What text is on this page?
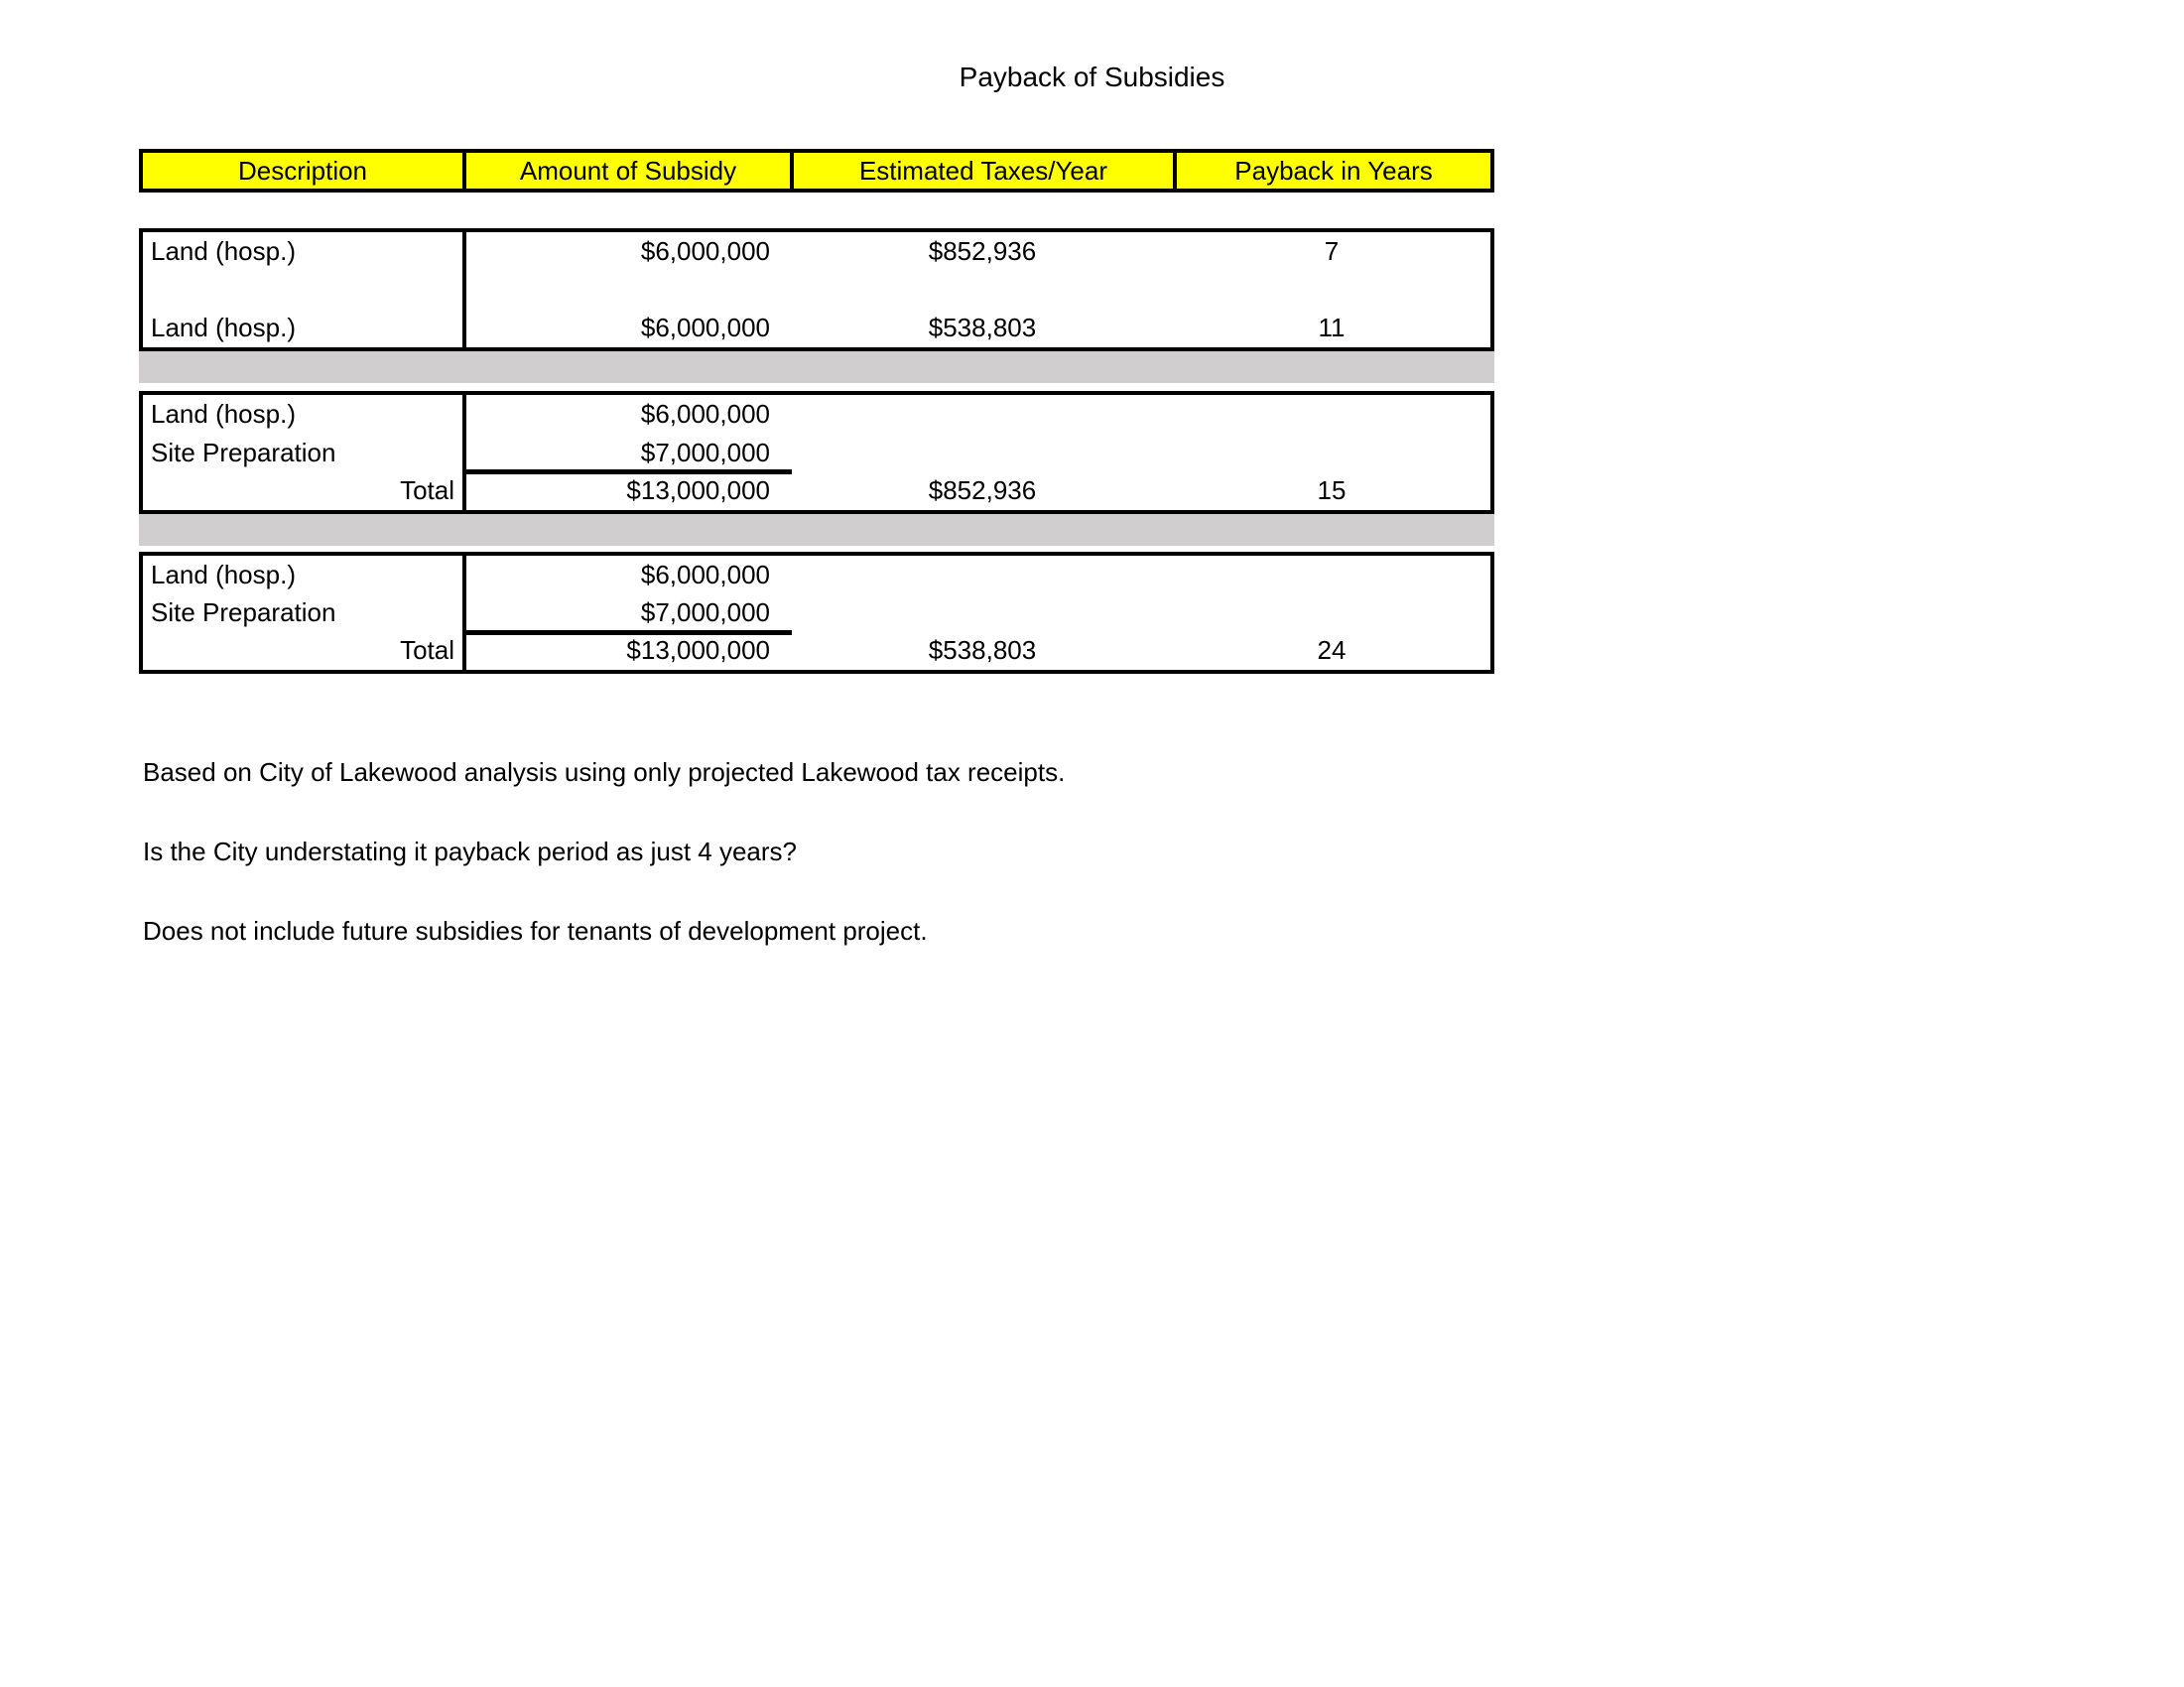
Payback of Subsidies
Description	Amount of Subsidy	Estimated Taxes/Year	Payback in Years
Land (hosp.)	$6,000,000	$852,936	7
Land (hosp.)	$6,000,000	$538,803	11
Land (hosp.)	$6,000,000
Site Preparation	$7,000,000
Total	$13,000,000	$852,936	15
Land (hosp.)	$6,000,000
Site Preparation	$7,000,000
Total	$13,000,000	$538,803	24
Based on City of Lakewood analysis using only projected Lakewood tax receipts.
Is the City understating it payback period as just 4 years?
Does not include future subsidies for tenants of development project.
